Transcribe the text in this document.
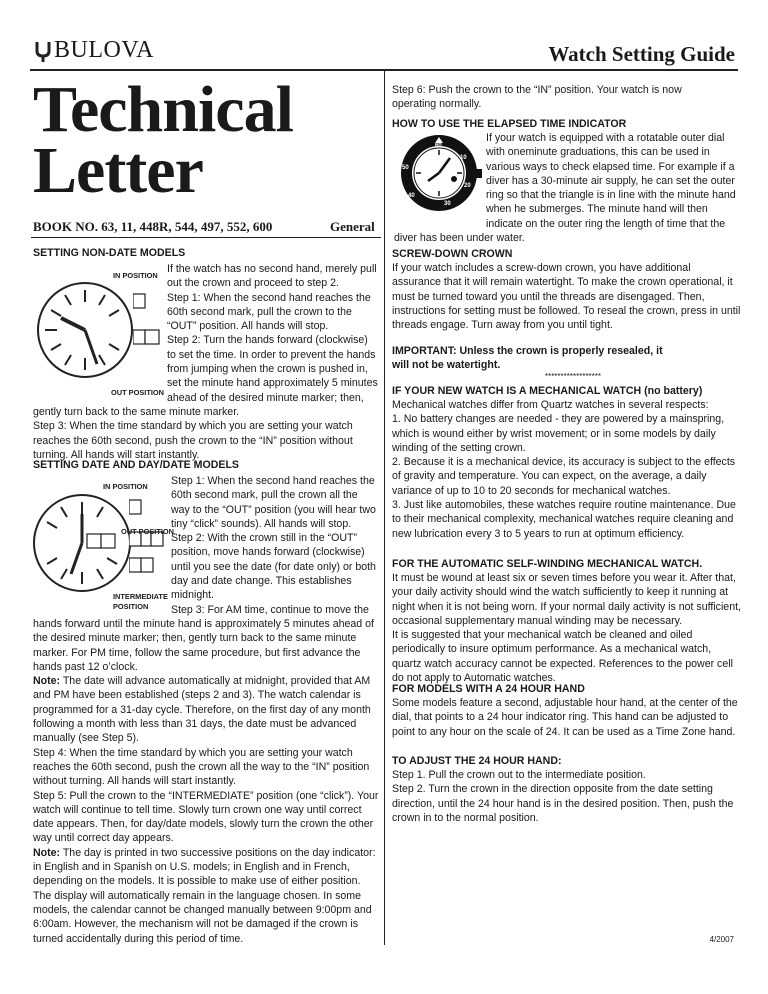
BULOVA	Watch Setting Guide
Technical
Letter
BOOK NO. 63, 11, 448R, 544, 497, 552, 600	General
SETTING NON-DATE MODELS
IN POSITION
OUT POSITION

If the watch has no second hand, merely pull out the crown and proceed to step 2.

Step 1: When the second hand reaches the 60th second mark, pull the crown to the “OUT” position. All hands will stop.

Step 2: Turn the hands forward (clockwise) to set the time. In order to prevent the hands from jumping when the crown is pushed in, set the minute hand approximately 5 minutes ahead of the desired minute marker; then, gently turn back to the same minute marker.

Step 3: When the time standard by which you are setting your watch reaches the 60th second, push the crown to the “IN” position without turning. All hands will start instantly.

SETTING DATE AND DAY/DATE MODELS
IN POSITION
OUT POSITION
INTERMEDIATE
POSITION

Step 1: When the second hand reaches the 60th second mark, pull the crown all the way to the “OUT” position (you will hear two tiny “click” sounds). All hands will stop.

Step 2: With the crown still in the “OUT” position, move hands forward (clockwise) until you see the date (for date only) or both day and date change. This establishes midnight.

Step 3: For AM time, continue to move the hands forward until the minute hand is approximately 5 minutes ahead of the desired minute marker; then, gently turn back to the same minute marker. For PM time, follow the same procedure, but first advance the hands past 12 o’clock.

Note: The date will advance automatically at midnight, provided that AM and PM have been established (steps 2 and 3). The watch calendar is programmed for a 31-day cycle. Therefore, on the first day of any month following a month with less than 31 days, the date must be advanced manually (see Step 5).

Step 4: When the time standard by which you are setting your watch reaches the 60th second, push the crown all the way to the “IN” position without turning. All hands will start instantly.

Step 5: Pull the crown to the “INTERMEDIATE” position (one “click”). Your watch will continue to tell time. Slowly turn crown one way until correct date appears. Then, for day/date models, slowly turn the crown the other way until correct day appears.

Note: The day is printed in two successive positions on the day indicator: in English and in Spanish on U.S. models; in English and in French, depending on the models. It is possible to make use of either position. The display will automatically remain in the language chosen. In some models, the calendar cannot be changed manually between 9:00pm and 6:00am. However, the mechanism will not be damaged if the crown is turned accidentally during this period of time.

Step 6: Push the crown to the “IN” position. Your watch is now operating normally.
HOW TO USE THE ELAPSED TIME INDICATOR
60
10
20
30
40
50

If your watch is equipped with a rotatable outer dial with oneminute graduations, this can be used in various ways to check elapsed time. For example if a diver has a 30-minute air supply, he can set the outer ring so that the triangle is in line with the minute hand when he submerges. The minute hand will then indicate on the outer ring the length of time that the diver has been under water.

SCREW-DOWN CROWN

If your watch includes a screw-down crown, you have additional assurance that it will remain watertight. To make the crown operational, it must be turned toward you until the threads are disengaged. Then, instructions for setting must be followed. To reseal the crown, press in until threads engage. Turn away from you until tight.

IMPORTANT: Unless the crown is properly resealed, it
will not be watertight.
******************
IF YOUR NEW WATCH IS A MECHANICAL WATCH (no battery)

Mechanical watches differ from Quartz watches in several respects:

1. No battery changes are needed - they are powered by a mainspring, which is wound either by wrist movement; or in some models by daily winding of the setting crown.

2. Because it is a mechanical device, its accuracy is subject to the effects of gravity and temperature. You can expect, on the average, a daily variance of up to 10 to 20 seconds for mechanical watches.

3. Just like automobiles, these watches require routine maintenance. Due to their mechanical complexity, mechanical watches require cleaning and new lubrication every 3 to 5 years to run at optimum efficiency.

FOR THE AUTOMATIC SELF-WINDING MECHANICAL WATCH.

It must be wound at least six or seven times before you wear it. After that, your daily activity should wind the watch sufficiently to keep it running at night when it is not being worn. If your normal daily activity is not sufficient, occasional supplementary manual winding may be necessary.

It is suggested that your mechanical watch be cleaned and oiled periodically to insure optimum performance. As a mechanical watch, quartz watch accuracy cannot be expected. References to the power cell do not apply to Automatic watches.

FOR MODELS WITH A 24 HOUR HAND

Some models feature a second, adjustable hour hand, at the center of the dial, that points to a 24 hour indicator ring. This hand can be adjusted to point to any hour on the scale of 24. It can be used as a Time Zone hand.

TO ADJUST THE 24 HOUR HAND:

Step 1. Pull the crown out to the intermediate position.

Step 2. Turn the crown in the direction opposite from the date setting direction, until the 24 hour hand is in the desired position. Then, push the crown in to the normal position.

4/2007
